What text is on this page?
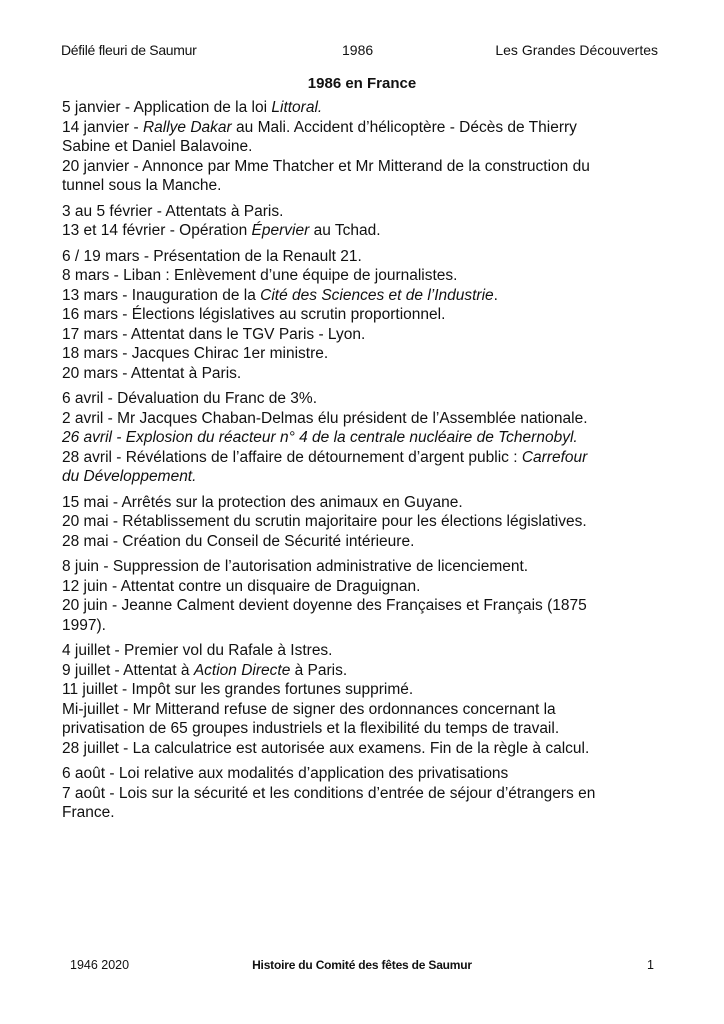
Défilé fleuri de Saumur	1986	Les Grandes Découvertes
1986 en France
5 janvier - Application de la loi Littoral.
14 janvier - Rallye Dakar au Mali. Accident d’hélicoptère - Décès de Thierry
Sabine et Daniel Balavoine.
20 janvier - Annonce par Mme Thatcher et Mr Mitterand de la construction du
tunnel sous la Manche.
3 au 5 février - Attentats à Paris.
13 et 14 février - Opération Épervier au Tchad.
6 / 19 mars - Présentation de la Renault 21.
8 mars - Liban : Enlèvement d’une équipe de journalistes.
13 mars - Inauguration de la Cité des Sciences et de l’Industrie.
16 mars - Élections législatives au scrutin proportionnel.
17 mars - Attentat dans le TGV Paris - Lyon.
18 mars - Jacques Chirac 1er ministre.
20 mars - Attentat à Paris.
6 avril - Dévaluation du Franc de 3%.
2 avril - Mr Jacques Chaban-Delmas élu président de l’Assemblée nationale.
26 avril - Explosion du réacteur n° 4 de la centrale nucléaire de Tchernobyl.
28 avril - Révélations de l’affaire de détournement d’argent public : Carrefour
du Développement.
15 mai - Arrêtés sur la protection des animaux en Guyane.
20 mai - Rétablissement du scrutin majoritaire pour les élections législatives.
28 mai - Création du Conseil de Sécurité intérieure.
8 juin - Suppression de l’autorisation administrative de licenciement.
12 juin - Attentat contre un disquaire de Draguignan.
20 juin - Jeanne Calment devient doyenne des Françaises et Français (1875
1997).
4 juillet - Premier vol du Rafale à Istres.
9 juillet - Attentat à Action Directe à Paris.
11 juillet - Impôt sur les grandes fortunes supprimé.
Mi-juillet - Mr Mitterand refuse de signer des ordonnances concernant la
privatisation de 65 groupes industriels et la flexibilité du temps de travail.
28 juillet - La calculatrice est autorisée aux examens. Fin de la règle à calcul.
6 août - Loi relative aux modalités d’application des privatisations
7 août - Lois sur la sécurité et les conditions d’entrée de séjour d’étrangers en
France.
1946 2020	Histoire du Comité des fêtes de Saumur	1
